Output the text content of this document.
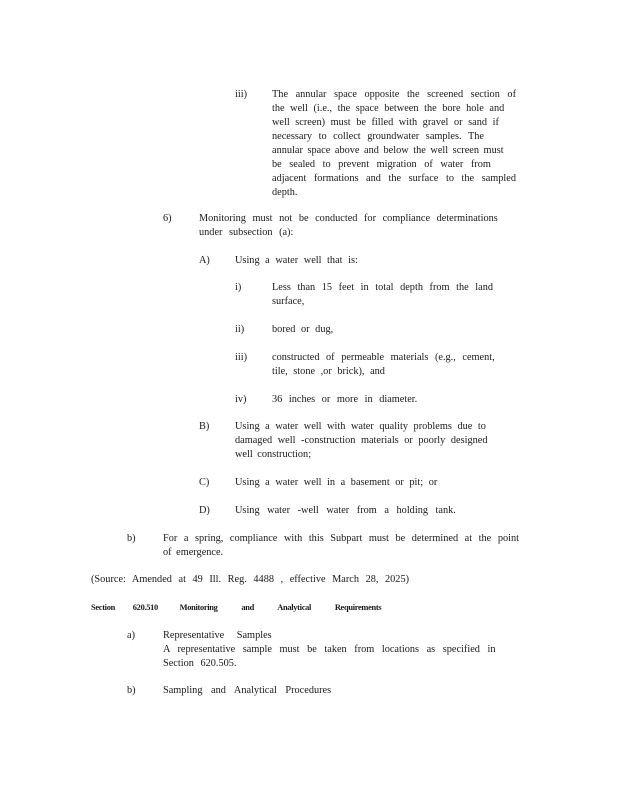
iii) The annular space opposite the screened section of
the well (i.e., the space between the bore hole and
well screen) must be filled with gravel or sand if
necessary to collect groundwater samples. The
annular space above and below the well screen must
be sealed to prevent migration of water from
adjacent formations and the surface to the sampled
depth.
6)	Monitoring must not be conducted for compliance determinations
under subsection (a):
A) Using a water well that is:
i)	Less than 15 feet in total depth from the land
surface,
ii)	bored or dug,
iii) constructed of permeable materials (e.g., cement,
tile, stone ,or brick), and
iv) 36 inches or more in diameter.
B) Using a water well with water quality problems due to
damaged well -construction materials or poorly designed
well construction;
C) Using a water well in a basement or pit; or
D) Using water -well water from a holding tank.
b)	For a spring, compliance with this Subpart must be determined at the point
of emergence.
(Source: Amended at 49 Ill. Reg. 4488 , effective March 28, 2025)
Section 620.510	Monitoring and Analytical Requirements
a)	Representative Samples
A representative sample must be taken from locations as specified in
Section 620.505.
b)	Sampling and Analytical Procedures
